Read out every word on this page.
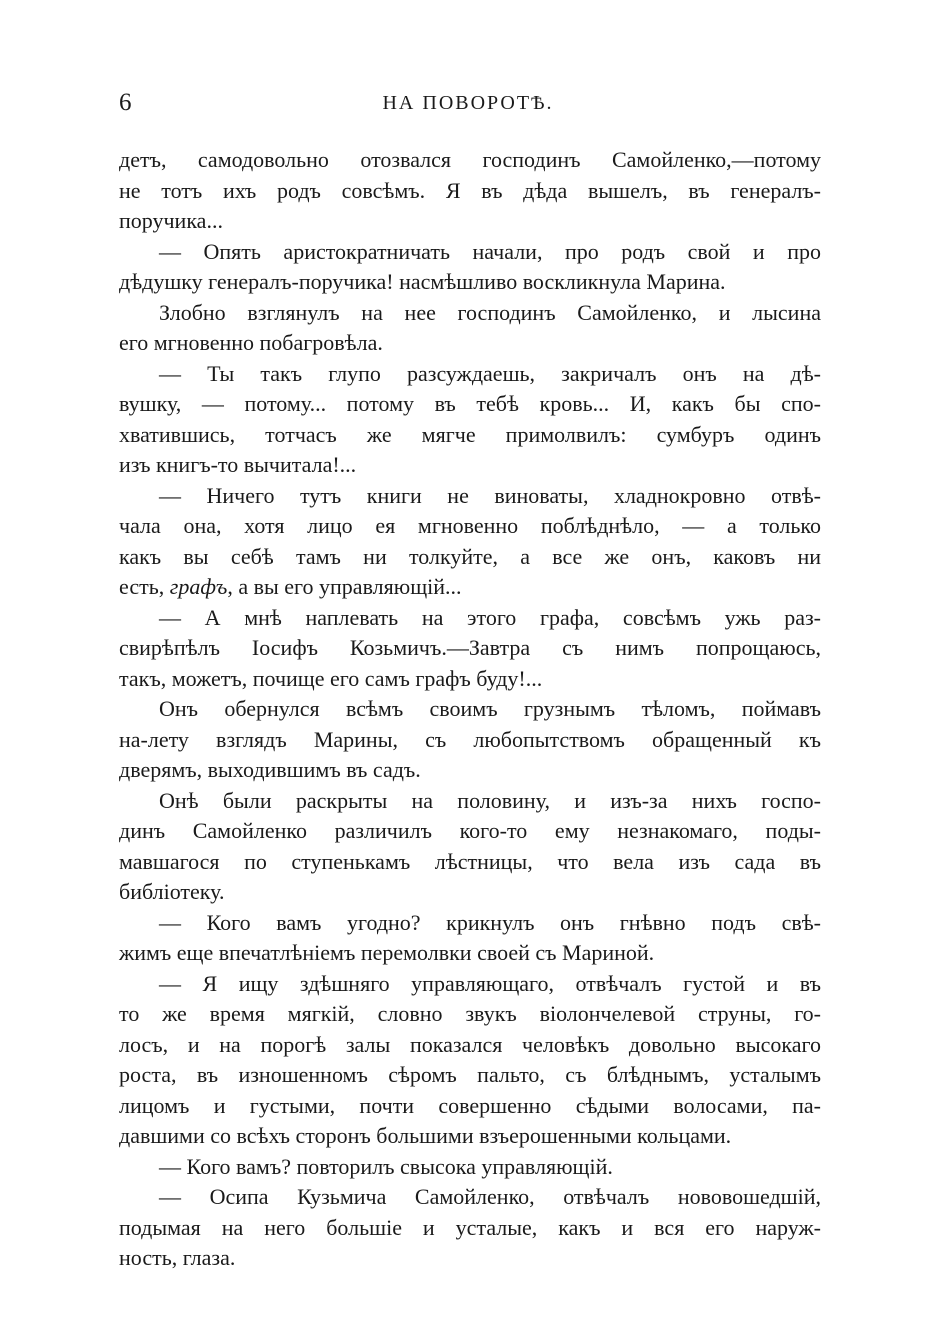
6	НА ПОВОРОТѢ.
детъ, самодовольно отозвался господинъ Самойленко,—потому
не тотъ ихъ родъ совсѣмъ. Я въ дѣда вышелъ, въ генералъ-
поручика...
— Опять аристократничать начали, про родъ свой и про
дѣдушку генералъ-поручика! насмѣшливо воскликнула Марина.
Злобно взглянулъ на нее господинъ Самойленко, и лысина
его мгновенно побагровѣла.
— Ты такъ глупо разсуждаешь, закричалъ онъ на дѣ-
вушку, — потому... потому въ тебѣ кровь... И, какъ бы спо-
хватившись, тотчасъ же мягче примолвилъ: сумбуръ одинъ
изъ книгъ-то вычитала!...
— Ничего тутъ книги не виноваты, хладнокровно отвѣ-
чала она, хотя лицо ея мгновенно поблѣднѣло, — а только
какъ вы себѣ тамъ ни толкуйте, а все же онъ, каковъ ни
есть, графъ, а вы его управляющій...
— А мнѣ наплевать на этого графа, совсѣмъ ужь раз-
свирѣпѣлъ Іосифъ Козьмичъ.—Завтра съ нимъ попрощаюсь,
такъ, можетъ, почище его самъ графъ буду!...
Онъ обернулся всѣмъ своимъ грузнымъ тѣломъ, поймавъ
на-лету взглядъ Марины, съ любопытствомъ обращенный къ
дверямъ, выходившимъ въ садъ.
Онѣ были раскрыты на половину, и изъ-за нихъ госпо-
динъ Самойленко различилъ кого-то ему незнакомаго, поды-
мавшагося по ступенькамъ лѣстницы, что вела изъ сада въ
библіотеку.
— Кого вамъ угодно? крикнулъ онъ гнѣвно подъ свѣ-
жимъ еще впечатлѣніемъ перемолвки своей съ Мариной.
— Я ищу здѣшняго управляющаго, отвѣчалъ густой и въ
то же время мягкій, словно звукъ віолончелевой струны, го-
лосъ, и на порогѣ залы показался человѣкъ довольно высокаго
роста, въ изношенномъ сѣромъ пальто, съ блѣднымъ, усталымъ
лицомъ и густыми, почти совершенно сѣдыми волосами, па-
давшими со всѣхъ сторонъ большими взъерошенными кольцами.
— Кого вамъ? повторилъ свысока управляющій.
— Осипа Кузьмича Самойленко, отвѣчалъ нововошедшій,
подымая на него большіе и усталые, какъ и вся его наруж-
ность, глаза.
